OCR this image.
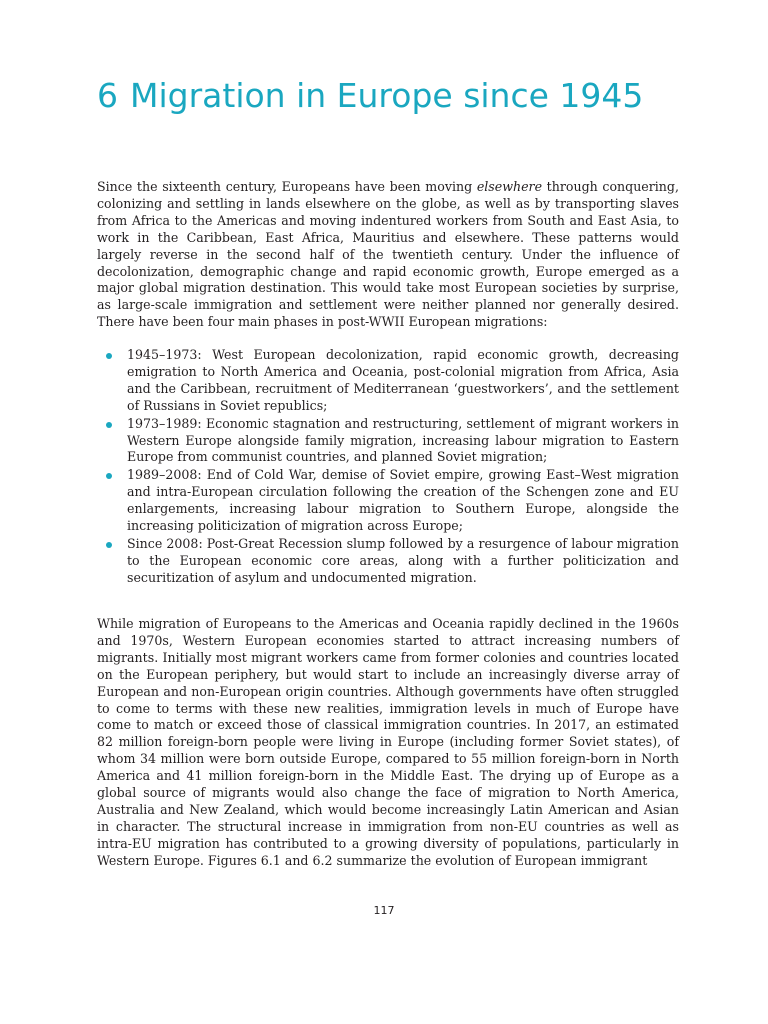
6 Migration in Europe since 1945

Since the sixteenth century, Europeans have been moving elsewhere through conquering, colonizing and settling in lands elsewhere on the globe, as well as by transporting slaves from Africa to the Americas and moving indentured workers from South and East Asia, to work in the Caribbean, East Africa, Mauritius and elsewhere. These patterns would largely reverse in the second half of the twentieth century. Under the influence of decolonization, demographic change and rapid economic growth, Europe emerged as a major global migration destination. This would take most European societies by surprise, as large-scale immigration and settlement were neither planned nor generally desired. There have been four main phases in post-WWII European migrations:

1945–1973: West European decolonization, rapid economic growth, decreasing emigration to North America and Oceania, post-colonial migration from Africa, Asia and the Caribbean, recruitment of Mediterranean ‘guestworkers’, and the settlement of Russians in Soviet republics;
1973–1989: Economic stagnation and restructuring, settlement of migrant workers in Western Europe alongside family migration, increasing labour migration to Eastern Europe from communist countries, and planned Soviet migration;
1989–2008: End of Cold War, demise of Soviet empire, growing East–West migration and intra-European circulation following the creation of the Schengen zone and EU enlargements, increasing labour migration to Southern Europe, alongside the increasing politicization of migration across Europe;
Since 2008: Post-Great Recession slump followed by a resurgence of labour migration to the European economic core areas, along with a further politicization and securitization of asylum and undocumented migration.

While migration of Europeans to the Americas and Oceania rapidly declined in the 1960s and 1970s, Western European economies started to attract increasing numbers of migrants. Initially most migrant workers came from former colonies and countries located on the European periphery, but would start to include an increasingly diverse array of European and non-European origin countries. Although governments have often struggled to come to terms with these new realities, immigration levels in much of Europe have come to match or exceed those of classical immigration countries. In 2017, an estimated 82 million foreign-born people were living in Europe (including former Soviet states), of whom 34 million were born outside Europe, compared to 55 million foreign-born in North America and 41 million foreign-born in the Middle East. The drying up of Europe as a global source of migrants would also change the face of migration to North America, Australia and New Zealand, which would become increasingly Latin American and Asian in character. The structural increase in immigration from non-EU countries as well as intra-EU migration has contributed to a growing diversity of populations, particularly in Western Europe. Figures 6.1 and 6.2 summarize the evolution of European immigrant

117
